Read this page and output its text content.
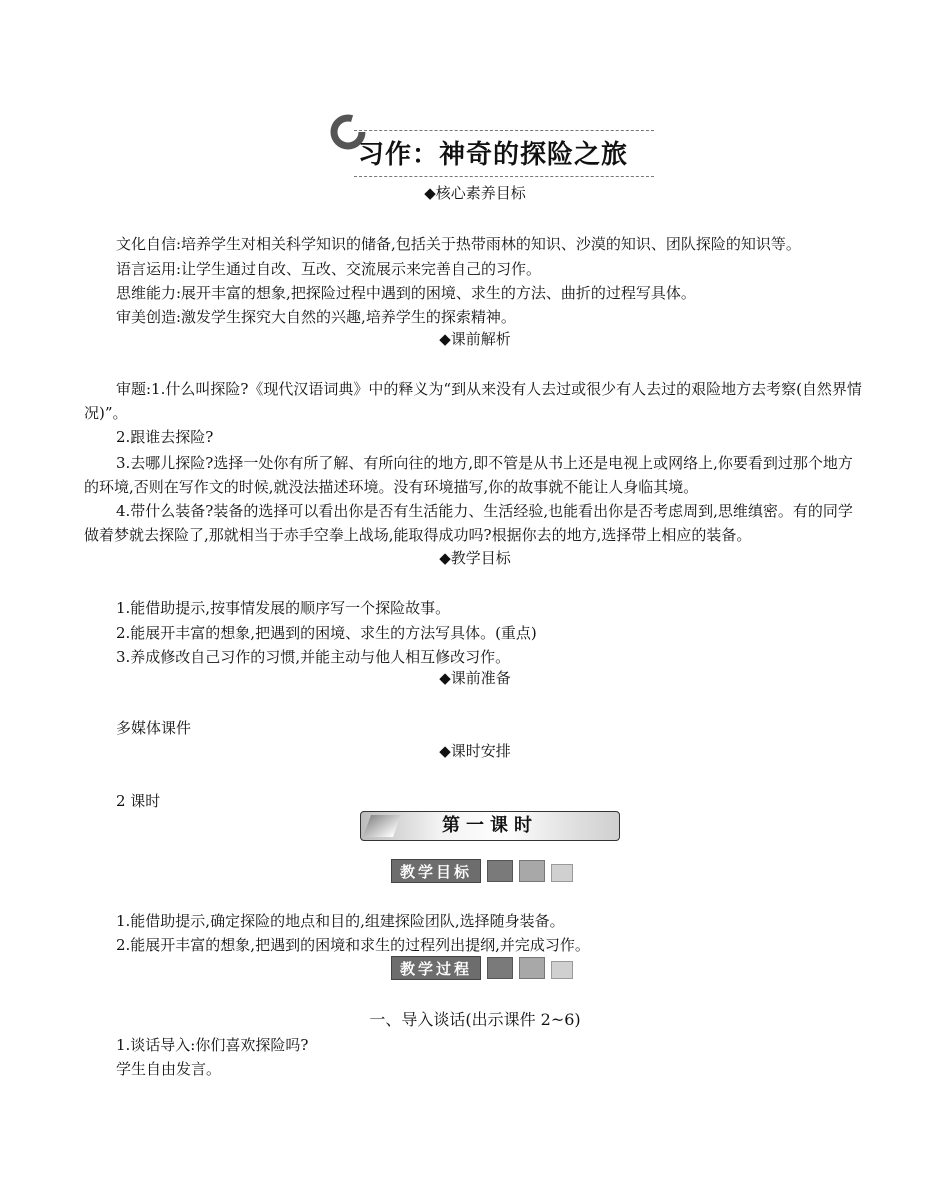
习作：神奇的探险之旅
◆核心素养目标
文化自信:培养学生对相关科学知识的储备,包括关于热带雨林的知识、沙漠的知识、团队探险的知识等。
语言运用:让学生通过自改、互改、交流展示来完善自己的习作。
思维能力:展开丰富的想象,把探险过程中遇到的困境、求生的方法、曲折的过程写具体。
审美创造:激发学生探究大自然的兴趣,培养学生的探索精神。
◆课前解析
审题:1.什么叫探险?《现代汉语词典》中的释义为“到从来没有人去过或很少有人去过的艰险地方去考察(自然界情况)”。
2.跟谁去探险?
3.去哪儿探险?选择一处你有所了解、有所向往的地方,即不管是从书上还是电视上或网络上,你要看到过那个地方的环境,否则在写作文的时候,就没法描述环境。没有环境描写,你的故事就不能让人身临其境。
4.带什么装备?装备的选择可以看出你是否有生活能力、生活经验,也能看出你是否考虑周到,思维缜密。有的同学做着梦就去探险了,那就相当于赤手空拳上战场,能取得成功吗?根据你去的地方,选择带上相应的装备。
◆教学目标
1.能借助提示,按事情发展的顺序写一个探险故事。
2.能展开丰富的想象,把遇到的困境、求生的方法写具体。(重点)
3.养成修改自己习作的习惯,并能主动与他人相互修改习作。
◆课前准备
多媒体课件
◆课时安排
2 课时
第一课时
教学目标
1.能借助提示,确定探险的地点和目的,组建探险团队,选择随身装备。
2.能展开丰富的想象,把遇到的困境和求生的过程列出提纲,并完成习作。
教学过程
一、导入谈话(出示课件 2~6)
1.谈话导入:你们喜欢探险吗?
学生自由发言。
